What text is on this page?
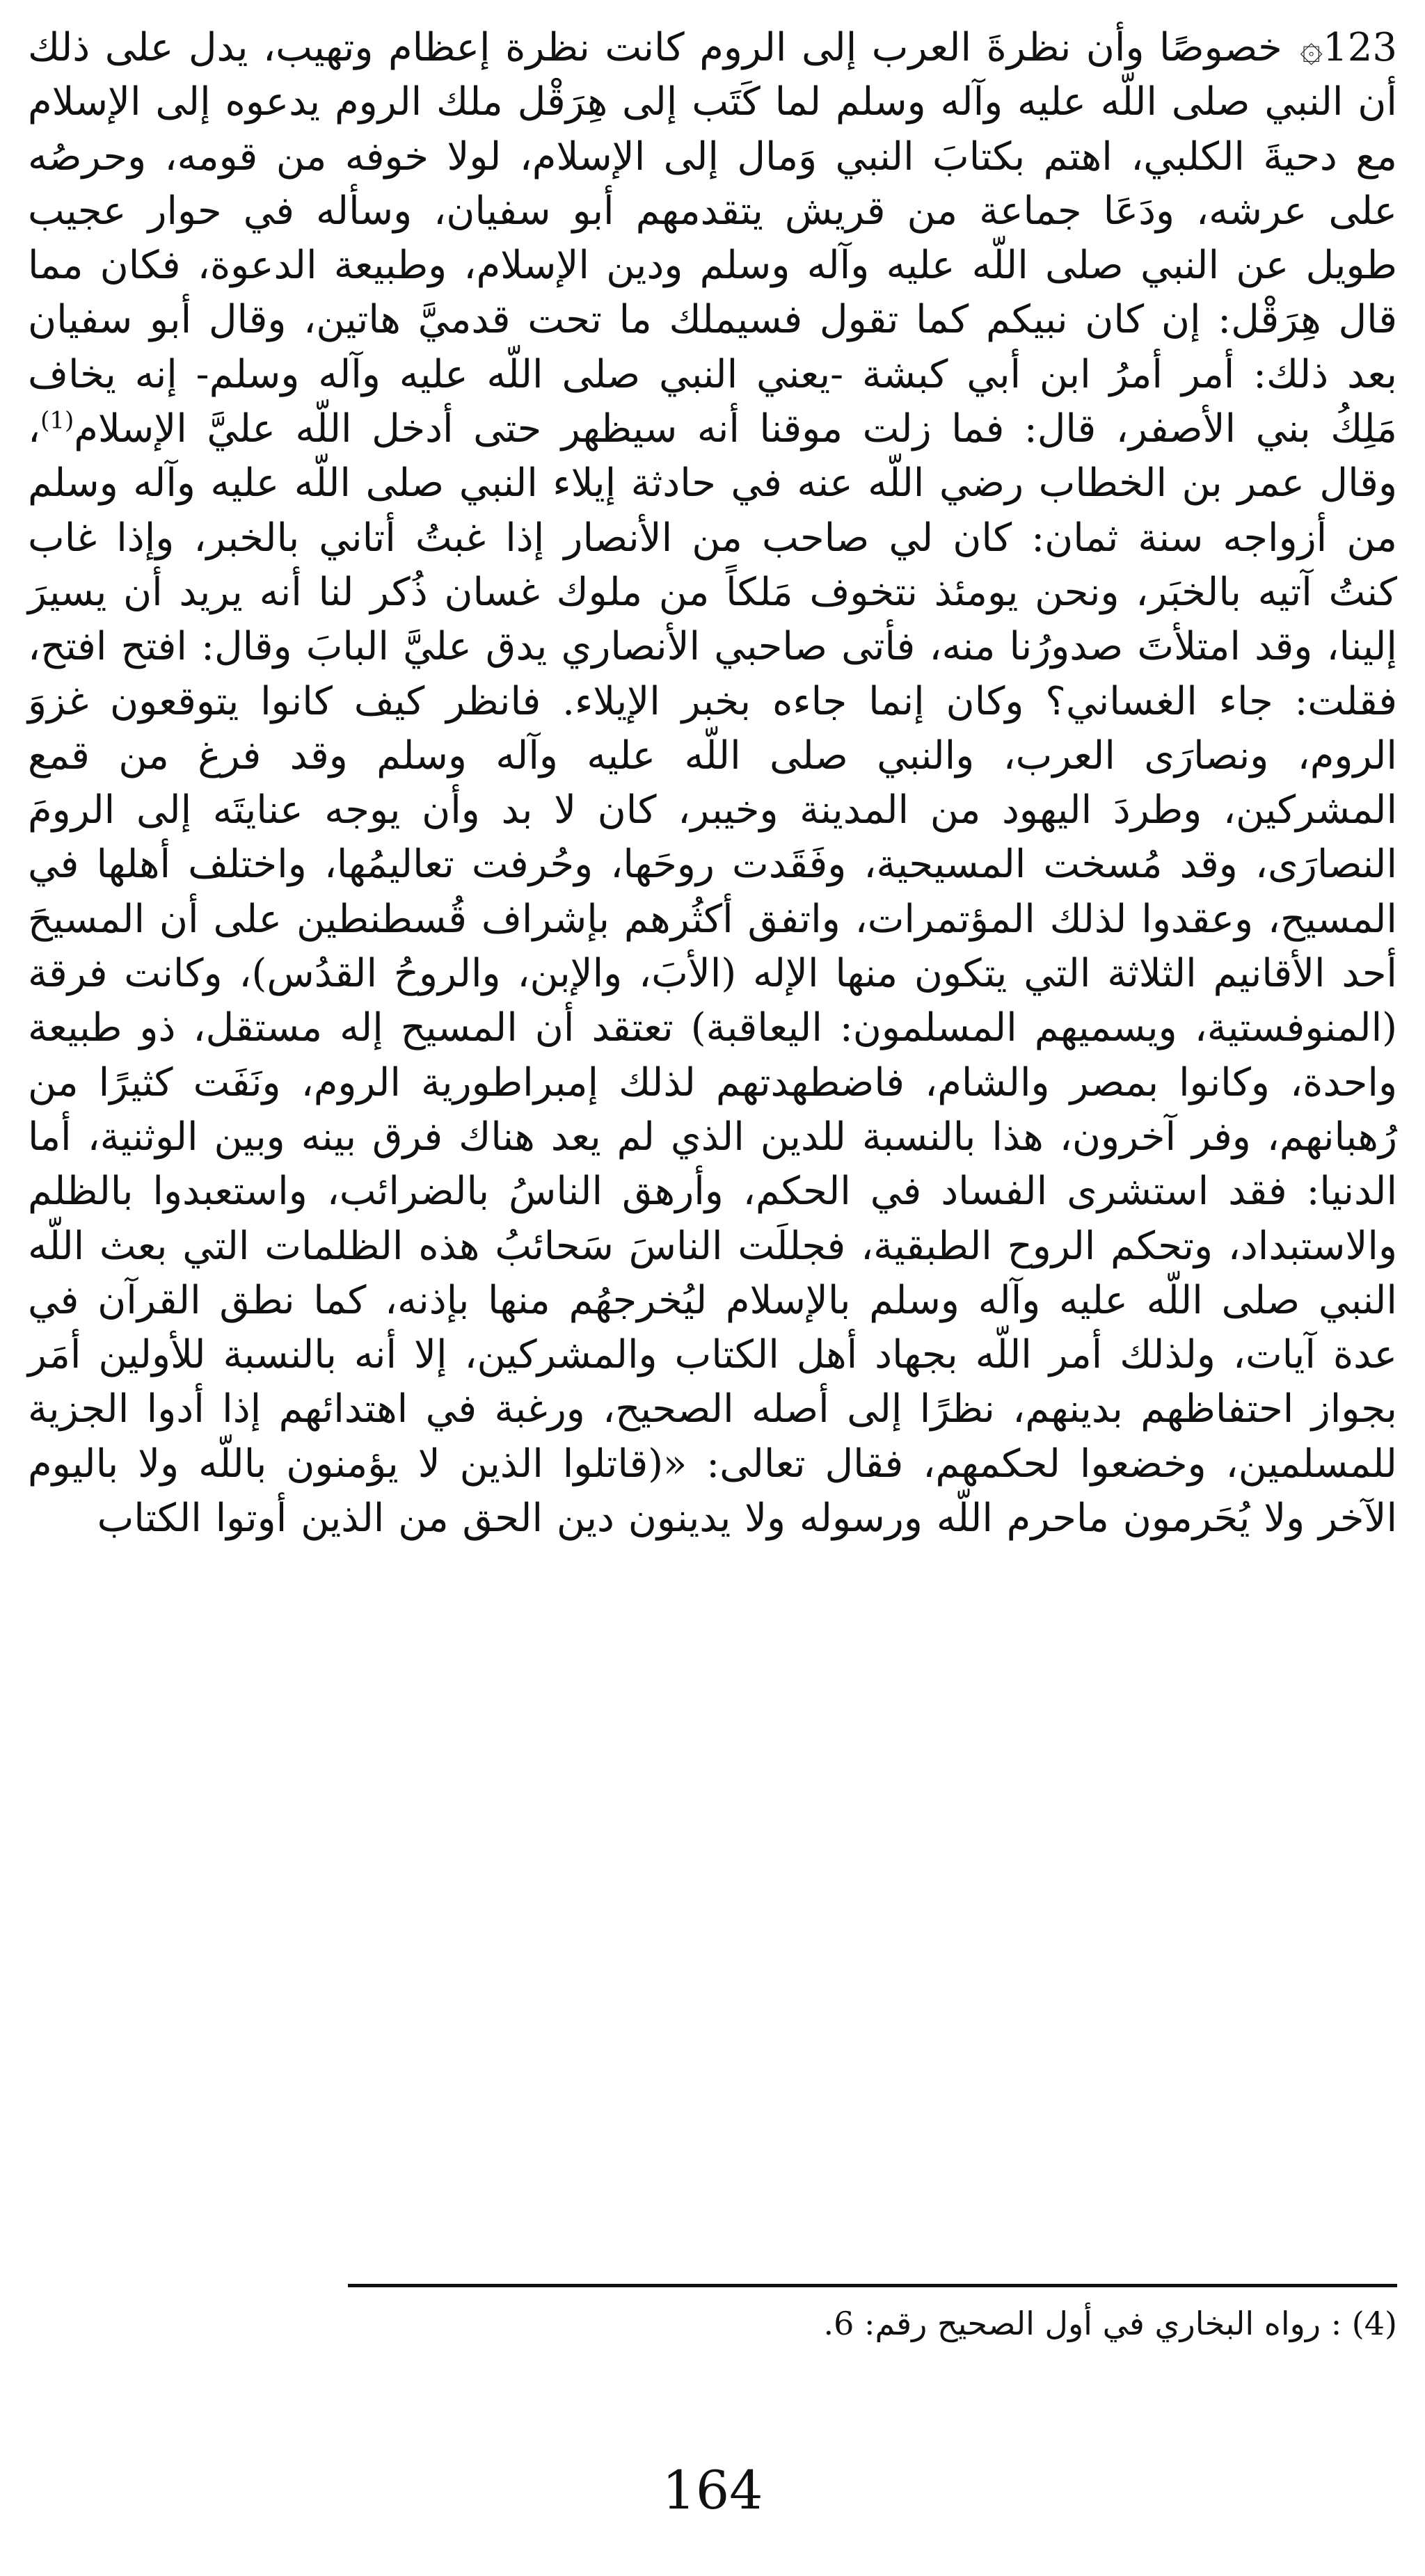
123۞ خصوصًا وأن نظرةَ العرب إلى الروم كانت نظرة إعظام وتهيب، يدل على ذلك أن النبي صلى اللّه عليه وآله وسلم لما كَتَب إلى هِرَقْل ملك الروم يدعوه إلى الإسلام مع دحيةَ الكلبي، اهتم بكتابَ النبي وَمال إلى الإسلام، لولا خوفه من قومه، وحرصُه على عرشه، ودَعَا جماعة من قريش يتقدمهم أبو سفيان، وسأله في حوار عجيب طويل عن النبي صلى اللّه عليه وآله وسلم ودين الإسلام، وطبيعة الدعوة، فكان مما قال هِرَقْل: إن كان نبيكم كما تقول فسيملك ما تحت قدميَّ هاتين، وقال أبو سفيان بعد ذلك: أمر أمرُ ابن أبي كبشة -يعني النبي صلى اللّه عليه وآله وسلم- إنه يخاف مَلِكُ بني الأصفر، قال: فما زلت موقنا أنه سيظهر حتى أدخل اللّه عليَّ الإسلام$^{(1)}$، وقال عمر بن الخطاب رضي اللّه عنه في حادثة إيلاء النبي صلى اللّه عليه وآله وسلم من أزواجه سنة ثمان: كان لي صاحب من الأنصار إذا غبتُ أتاني بالخبر، وإذا غاب كنتُ آتيه بالخبَر، ونحن يومئذ نتخوف مَلكاً من ملوك غسان ذُكر لنا أنه يريد أن يسيرَ إلينا، وقد امتلأتَ صدورُنا منه، فأتى صاحبي الأنصاري يدق عليَّ البابَ وقال: افتح افتح، فقلت: جاء الغساني؟ وكان إنما جاءه بخبر الإيلاء. فانظر كيف كانوا يتوقعون غزوَ الروم، ونصارَى العرب، والنبي صلى اللّه عليه وآله وسلم وقد فرغ من قمع المشركين، وطردَ اليهود من المدينة وخيبر، كان لا بد وأن يوجه عنايتَه إلى الرومَ النصارَى، وقد مُسخت المسيحية، وفَقَدت روحَها، وحُرفت تعاليمُها، واختلف أهلها في المسيح، وعقدوا لذلك المؤتمرات، واتفق أكثُرهم بإشراف قُسطنطين على أن المسيحَ أحد الأقانيم الثلاثة التي يتكون منها الإله (الأبَ، والإبن، والروحُ القدُس)، وكانت فرقة (المنوفستية، ويسميهم المسلمون: اليعاقبة) تعتقد أن المسيح إله مستقل، ذو طبيعة واحدة، وكانوا بمصر والشام، فاضطهدتهم لذلك إمبراطورية الروم، ونَفَت كثيرًا من رُهبانهم، وفر آخرون، هذا بالنسبة للدين الذي لم يعد هناك فرق بينه وبين الوثنية، أما الدنيا: فقد استشرى الفساد في الحكم، وأرهق الناسُ بالضرائب، واستعبدوا بالظلم والاستبداد، وتحكم الروح الطبقية، فجللَت الناسَ سَحائبُ هذه الظلمات التي بعث اللّه النبي صلى اللّه عليه وآله وسلم بالإسلام ليُخرجهُم منها بإذنه، كما نطق القرآن في عدة آيات، ولذلك أمر اللّه بجهاد أهل الكتاب والمشركين، إلا أنه بالنسبة للأولين أمَر بجواز احتفاظهم بدينهم، نظرًا إلى أصله الصحيح، ورغبة في اهتدائهم إذا أدوا الجزية للمسلمين، وخضعوا لحكمهم، فقال تعالى: «(قاتلوا الذين لا يؤمنون باللّه ولا باليوم الآخر ولا يُحَرمون ماحرم اللّه ورسوله ولا يدينون دين الحق من الذين أوتوا الكتاب

(4) : رواه البخاري في أول الصحيح رقم: 6.

164
